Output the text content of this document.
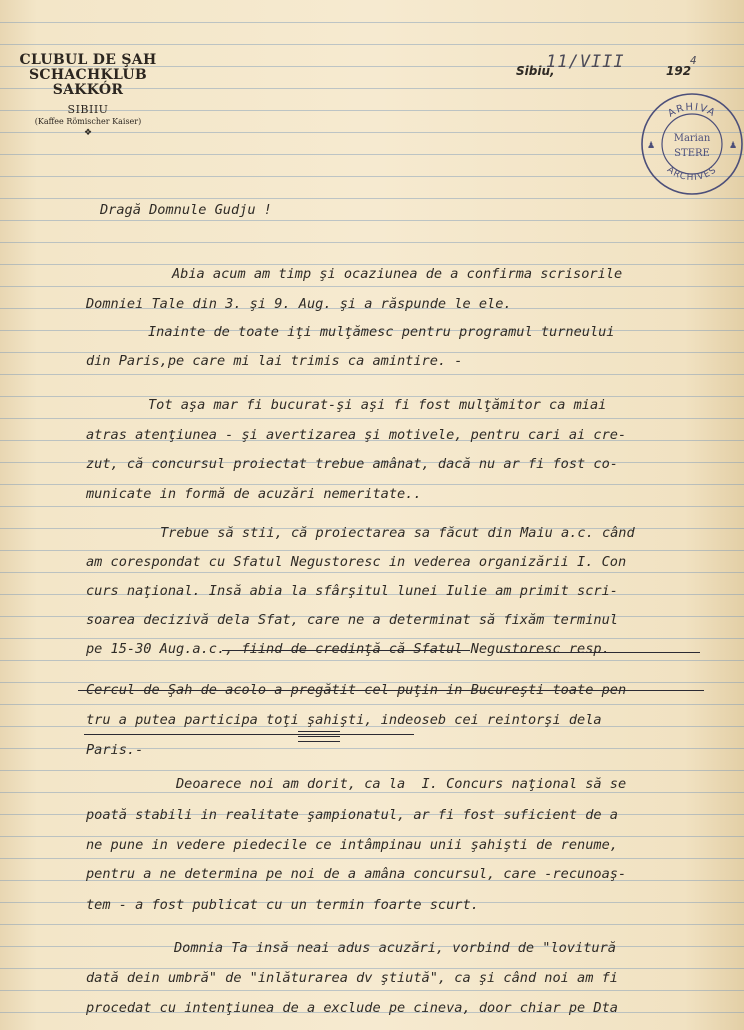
CLUBUL DE ŞAH
SCHACHKLUB
SAKKÓR
SIBIIU
(Kaffee Römischer Kaiser)
❖
Sibiu,
11/VIII	192
4
ARHIVA
ARCHIVES
Marian
STERE
♟	♟
Dragă Domnule Gudju !
Abia acum am timp şi ocaziunea de a confirma scrisorile
Domniei Tale din 3. şi 9. Aug. şi a răspunde le ele.
Inainte de toate iţi mulţămesc pentru programul turneului
din Paris,pe care mi lai trimis ca amintire. -
Tot aşa mar fi bucurat-şi aşi fi fost mulţămitor ca miai
atras atenţiunea - şi avertizarea şi motivele, pentru cari ai cre-
zut, că concursul proiectat trebue amânat, dacă nu ar fi fost co-
municate in formă de acuzări nemeritate..
Trebue să stii, că proiectarea sa făcut din Maiu a.c. când
am corespondat cu Sfatul Negustoresc in vederea organizării I. Con
curs naţional. Insă abia la sfârşitul lunei Iulie am primit scri-
soarea decizivă dela Sfat, care ne a determinat să fixăm terminul
pe 15-30 Aug.a.c., fiind de credinţă că Sfatul Negustoresc resp.
Cercul de Şah de acolo a pregătit cel puţin in Bucureşti toate pen
tru a putea participa toţi şahişti, indeoseb cei reintorşi dela
Paris.-
Deoarece noi am dorit, ca la  I. Concurs naţional să se
poată stabili in realitate şampionatul, ar fi fost suficient de a
ne pune in vedere piedecile ce intâmpinau unii şahişti de renume,
pentru a ne determina pe noi de a amâna concursul, care -recunoaş-
tem - a fost publicat cu un termin foarte scurt.
Domnia Ta insă neai adus acuzări, vorbind de "lovitură
dată dein umbră" de "inlăturarea dv ştiută", ca şi când noi am fi
procedat cu intenţiunea de a exclude pe cineva, door chiar pe Dta
